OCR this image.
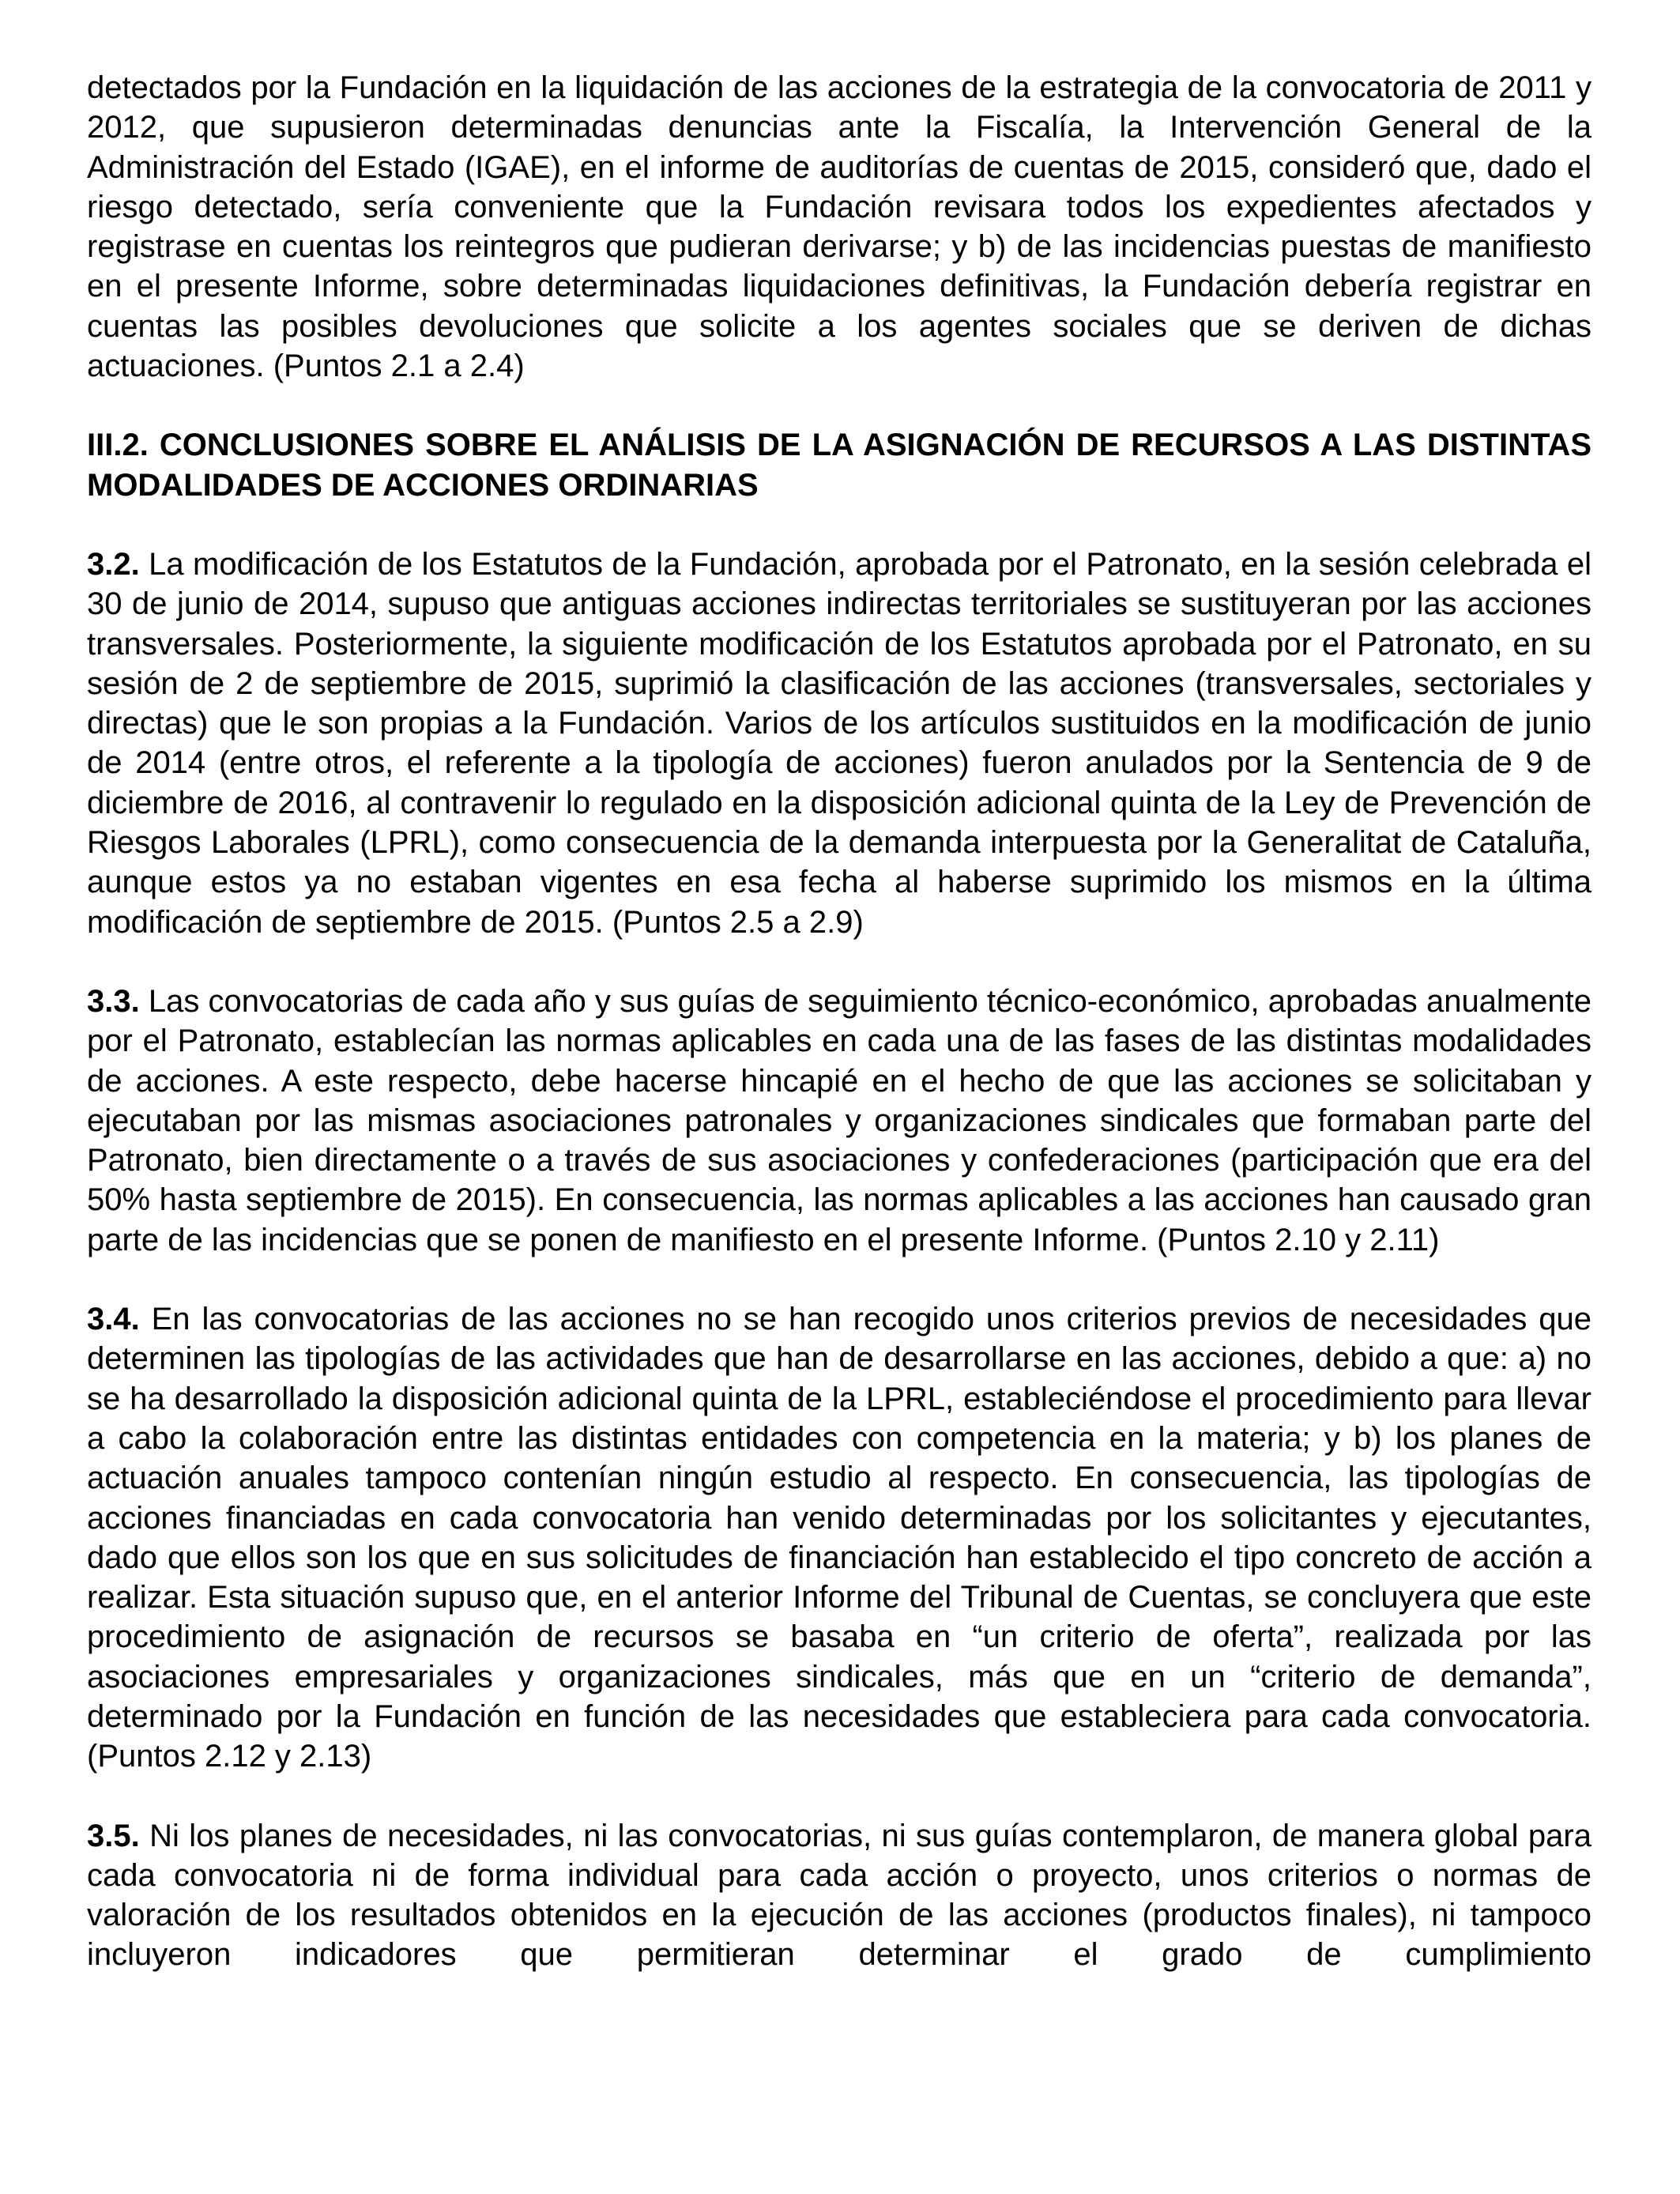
detectados por la Fundación en la liquidación de las acciones de la estrategia de la convocatoria de 2011 y 2012, que supusieron determinadas denuncias ante la Fiscalía, la Intervención General de la Administración del Estado (IGAE), en el informe de auditorías de cuentas de 2015, consideró que, dado el riesgo detectado, sería conveniente que la Fundación revisara todos los expedientes afectados y registrase en cuentas los reintegros que pudieran derivarse; y b) de las incidencias puestas de manifiesto en el presente Informe, sobre determinadas liquidaciones definitivas, la Fundación debería registrar en cuentas las posibles devoluciones que solicite a los agentes sociales que se deriven de dichas actuaciones. (Puntos 2.1 a 2.4)

III.2. CONCLUSIONES SOBRE EL ANÁLISIS DE LA ASIGNACIÓN DE RECURSOS A LAS DISTINTAS MODALIDADES DE ACCIONES ORDINARIAS

3.2. La modificación de los Estatutos de la Fundación, aprobada por el Patronato, en la sesión celebrada el 30 de junio de 2014, supuso que antiguas acciones indirectas territoriales se sustituyeran por las acciones transversales. Posteriormente, la siguiente modificación de los Estatutos aprobada por el Patronato, en su sesión de 2 de septiembre de 2015, suprimió la clasificación de las acciones (transversales, sectoriales y directas) que le son propias a la Fundación. Varios de los artículos sustituidos en la modificación de junio de 2014 (entre otros, el referente a la tipología de acciones) fueron anulados por la Sentencia de 9 de diciembre de 2016, al contravenir lo regulado en la disposición adicional quinta de la Ley de Prevención de Riesgos Laborales (LPRL), como consecuencia de la demanda interpuesta por la Generalitat de Cataluña, aunque estos ya no estaban vigentes en esa fecha al haberse suprimido los mismos en la última modificación de septiembre de 2015. (Puntos 2.5 a 2.9)

3.3. Las convocatorias de cada año y sus guías de seguimiento técnico-económico, aprobadas anualmente por el Patronato, establecían las normas aplicables en cada una de las fases de las distintas modalidades de acciones. A este respecto, debe hacerse hincapié en el hecho de que las acciones se solicitaban y ejecutaban por las mismas asociaciones patronales y organizaciones sindicales que formaban parte del Patronato, bien directamente o a través de sus asociaciones y confederaciones (participación que era del 50% hasta septiembre de 2015). En consecuencia, las normas aplicables a las acciones han causado gran parte de las incidencias que se ponen de manifiesto en el presente Informe. (Puntos 2.10 y 2.11)

3.4. En las convocatorias de las acciones no se han recogido unos criterios previos de necesidades que determinen las tipologías de las actividades que han de desarrollarse en las acciones, debido a que: a) no se ha desarrollado la disposición adicional quinta de la LPRL, estableciéndose el procedimiento para llevar a cabo la colaboración entre las distintas entidades con competencia en la materia; y b) los planes de actuación anuales tampoco contenían ningún estudio al respecto. En consecuencia, las tipologías de acciones financiadas en cada convocatoria han venido determinadas por los solicitantes y ejecutantes, dado que ellos son los que en sus solicitudes de financiación han establecido el tipo concreto de acción a realizar. Esta situación supuso que, en el anterior Informe del Tribunal de Cuentas, se concluyera que este procedimiento de asignación de recursos se basaba en “un criterio de oferta”, realizada por las asociaciones empresariales y organizaciones sindicales, más que en un “criterio de demanda”, determinado por la Fundación en función de las necesidades que estableciera para cada convocatoria. (Puntos 2.12 y 2.13)

3.5. Ni los planes de necesidades, ni las convocatorias, ni sus guías contemplaron, de manera global para cada convocatoria ni de forma individual para cada acción o proyecto, unos criterios o normas de valoración de los resultados obtenidos en la ejecución de las acciones (productos finales), ni tampoco incluyeron indicadores que permitieran determinar el grado de cumplimiento
